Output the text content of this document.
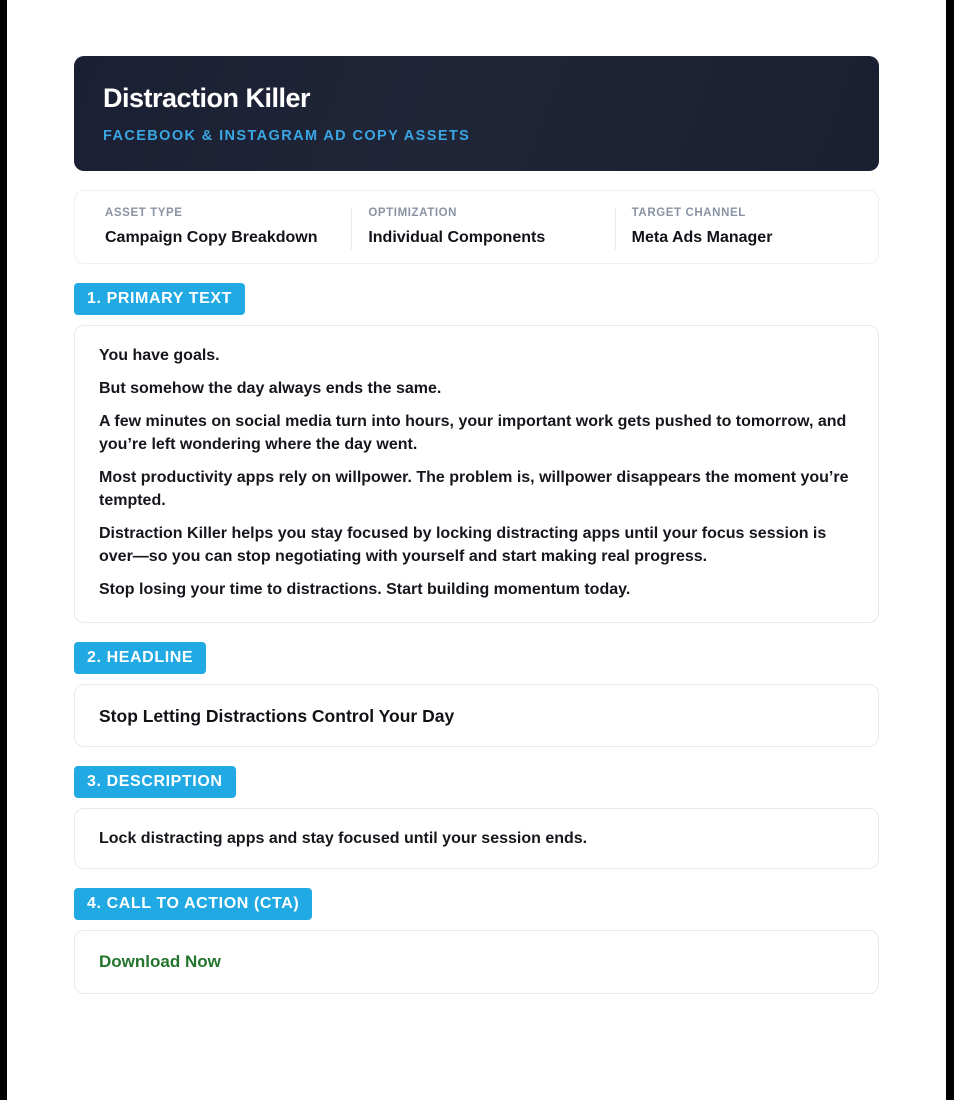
Distraction Killer
FACEBOOK & INSTAGRAM AD COPY ASSETS
ASSET TYPE
Campaign Copy Breakdown
OPTIMIZATION
Individual Components
TARGET CHANNEL
Meta Ads Manager
1. PRIMARY TEXT

You have goals.

But somehow the day always ends the same.

A few minutes on social media turn into hours, your important work gets pushed to tomorrow, and you’re left wondering where the day went.

Most productivity apps rely on willpower. The problem is, willpower disappears the moment you’re tempted.

Distraction Killer helps you stay focused by locking distracting apps until your focus session is over—so you can stop negotiating with yourself and start making real progress.

Stop losing your time to distractions. Start building momentum today.

2. HEADLINE
Stop Letting Distractions Control Your Day
3. DESCRIPTION
Lock distracting apps and stay focused until your session ends.
4. CALL TO ACTION (CTA)
Download Now
